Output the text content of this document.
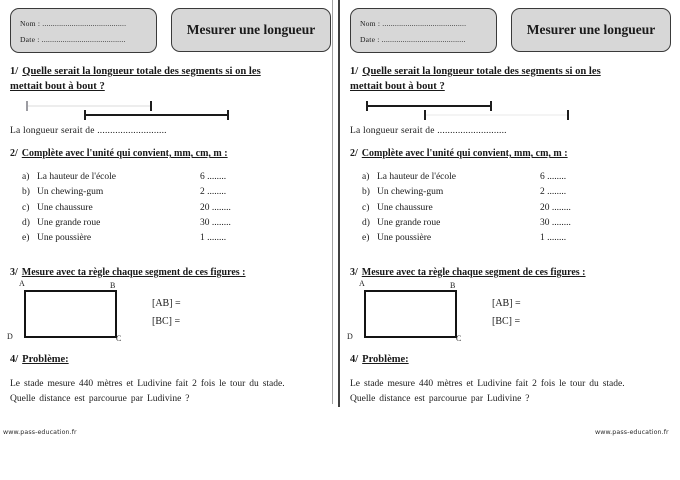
Nom : ........................................
Date : ........................................
Mesurer une longueur
1/ Quelle serait la longueur totale des segments si on les
mettait bout à bout ?
La longueur serait de ...........................
2/ Complète avec l'unité qui convient, mm, cm, m :
a) La hauteur de l'école	6 ........
b) Un chewing-gum	2 ........
c) Une chaussure	20 ........
d) Une grande roue	30 ........
e) Une poussière	1 ........
3/ Mesure avec ta règle chaque segment de ces figures :
A	B
D	C
[AB] =
[BC] =
4/ Problème:
Le stade mesure 440 mètres et Ludivine fait 2 fois le tour du stade.
Quelle distance est parcourue par Ludivine ?
www.pass-education.fr
Nom : ........................................
Date : ........................................
Mesurer une longueur
1/ Quelle serait la longueur totale des segments si on les
mettait bout à bout ?
La longueur serait de ...........................
2/ Complète avec l'unité qui convient, mm, cm, m :
a) La hauteur de l'école	6 ........
b) Un chewing-gum	2 ........
c) Une chaussure	20 ........
d) Une grande roue	30 ........
e) Une poussière	1 ........
3/ Mesure avec ta règle chaque segment de ces figures :
A	B
D	C
[AB] =
[BC] =
4/ Problème:
Le stade mesure 440 mètres et Ludivine fait 2 fois le tour du stade.
Quelle distance est parcourue par Ludivine ?
www.pass-education.fr
